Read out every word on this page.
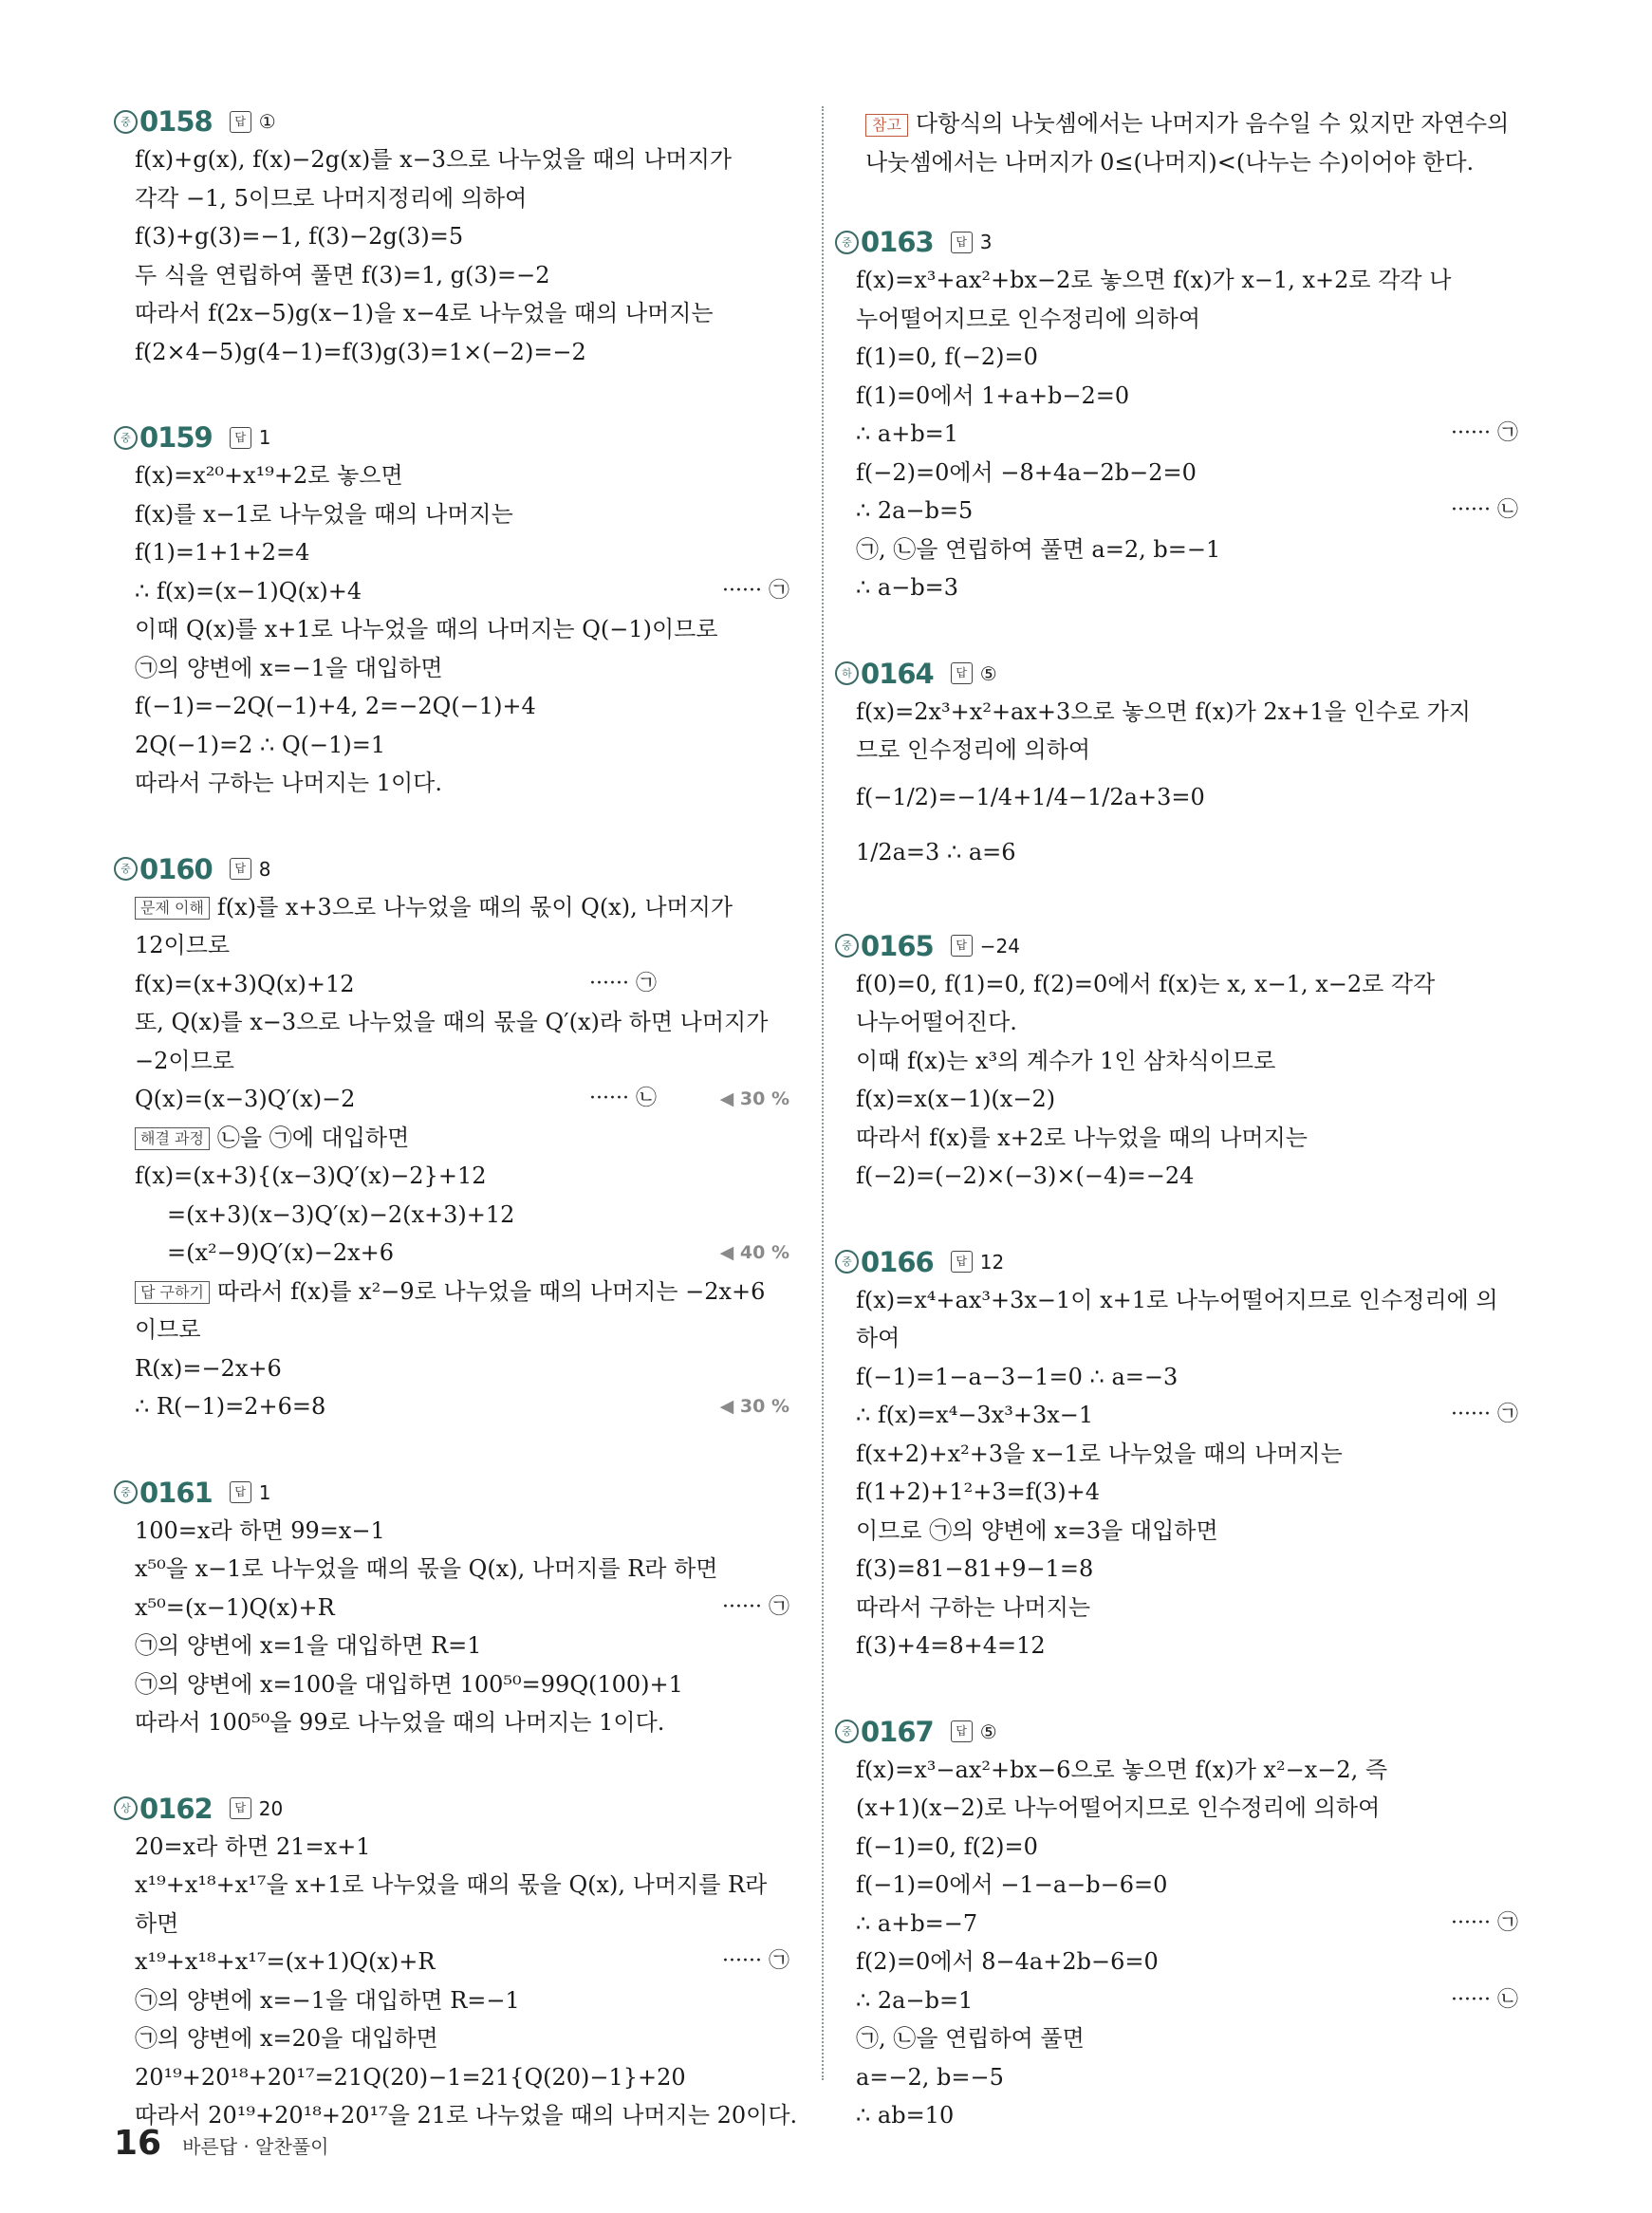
중 0158	답 ①
f(x)+g(x), f(x)−2g(x)를 x−3으로 나누었을 때의 나머지가
각각 −1, 5이므로 나머지정리에 의하여
f(3)+g(3)=−1, f(3)−2g(3)=5
두 식을 연립하여 풀면 f(3)=1, g(3)=−2
따라서 f(2x−5)g(x−1)을 x−4로 나누었을 때의 나머지는
f(2×4−5)g(4−1)=f(3)g(3)=1×(−2)=−2
중 0159	답 1
f(x)=x²⁰+x¹⁹+2로 놓으면
f(x)를 x−1로 나누었을 때의 나머지는
f(1)=1+1+2=4
∴ f(x)=(x−1)Q(x)+4	······ ㉠
이때 Q(x)를 x+1로 나누었을 때의 나머지는 Q(−1)이므로
㉠의 양변에 x=−1을 대입하면
f(−1)=−2Q(−1)+4, 2=−2Q(−1)+4
2Q(−1)=2 ∴ Q(−1)=1
따라서 구하는 나머지는 1이다.
중 0160	답 8
문제 이해 f(x)를 x+3으로 나누었을 때의 몫이 Q(x), 나머지가
12이므로
f(x)=(x+3)Q(x)+12	······ ㉠
또, Q(x)를 x−3으로 나누었을 때의 몫을 Q′(x)라 하면 나머지가
−2이므로
Q(x)=(x−3)Q′(x)−2	······ ㉡	◀ 30 %
해결 과정 ㉡을 ㉠에 대입하면
f(x)=(x+3){(x−3)Q′(x)−2}+12
=(x+3)(x−3)Q′(x)−2(x+3)+12
=(x²−9)Q′(x)−2x+6	◀ 40 %
답 구하기 따라서 f(x)를 x²−9로 나누었을 때의 나머지는 −2x+6
이므로
R(x)=−2x+6
∴ R(−1)=2+6=8	◀ 30 %
중 0161	답 1
100=x라 하면 99=x−1
x⁵⁰을 x−1로 나누었을 때의 몫을 Q(x), 나머지를 R라 하면
x⁵⁰=(x−1)Q(x)+R	······ ㉠
㉠의 양변에 x=1을 대입하면 R=1
㉠의 양변에 x=100을 대입하면 100⁵⁰=99Q(100)+1
따라서 100⁵⁰을 99로 나누었을 때의 나머지는 1이다.
상 0162	답 20
20=x라 하면 21=x+1
x¹⁹+x¹⁸+x¹⁷을 x+1로 나누었을 때의 몫을 Q(x), 나머지를 R라
하면
x¹⁹+x¹⁸+x¹⁷=(x+1)Q(x)+R	······ ㉠
㉠의 양변에 x=−1을 대입하면 R=−1
㉠의 양변에 x=20을 대입하면
20¹⁹+20¹⁸+20¹⁷=21Q(20)−1=21{Q(20)−1}+20
따라서 20¹⁹+20¹⁸+20¹⁷을 21로 나누었을 때의 나머지는 20이다.
참고 다항식의 나눗셈에서는 나머지가 음수일 수 있지만 자연수의
나눗셈에서는 나머지가 0≤(나머지)<(나누는 수)이어야 한다.
중 0163	답 3
f(x)=x³+ax²+bx−2로 놓으면 f(x)가 x−1, x+2로 각각 나
누어떨어지므로 인수정리에 의하여
f(1)=0, f(−2)=0
f(1)=0에서 1+a+b−2=0
∴ a+b=1	······ ㉠
f(−2)=0에서 −8+4a−2b−2=0
∴ 2a−b=5	······ ㉡
㉠, ㉡을 연립하여 풀면 a=2, b=−1
∴ a−b=3
하 0164	답 ⑤
f(x)=2x³+x²+ax+3으로 놓으면 f(x)가 2x+1을 인수로 가지
므로 인수정리에 의하여
f(−1/2)=−1/4+1/4−1/2a+3=0
1/2a=3 ∴ a=6
중 0165	답 −24
f(0)=0, f(1)=0, f(2)=0에서 f(x)는 x, x−1, x−2로 각각
나누어떨어진다.
이때 f(x)는 x³의 계수가 1인 삼차식이므로
f(x)=x(x−1)(x−2)
따라서 f(x)를 x+2로 나누었을 때의 나머지는
f(−2)=(−2)×(−3)×(−4)=−24
중 0166	답 12
f(x)=x⁴+ax³+3x−1이 x+1로 나누어떨어지므로 인수정리에 의
하여
f(−1)=1−a−3−1=0 ∴ a=−3
∴ f(x)=x⁴−3x³+3x−1	······ ㉠
f(x+2)+x²+3을 x−1로 나누었을 때의 나머지는
f(1+2)+1²+3=f(3)+4
이므로 ㉠의 양변에 x=3을 대입하면
f(3)=81−81+9−1=8
따라서 구하는 나머지는
f(3)+4=8+4=12
중 0167	답 ⑤
f(x)=x³−ax²+bx−6으로 놓으면 f(x)가 x²−x−2, 즉
(x+1)(x−2)로 나누어떨어지므로 인수정리에 의하여
f(−1)=0, f(2)=0
f(−1)=0에서 −1−a−b−6=0
∴ a+b=−7	······ ㉠
f(2)=0에서 8−4a+2b−6=0
∴ 2a−b=1	······ ㉡
㉠, ㉡을 연립하여 풀면
a=−2, b=−5
∴ ab=10
16 바른답 · 알찬풀이
